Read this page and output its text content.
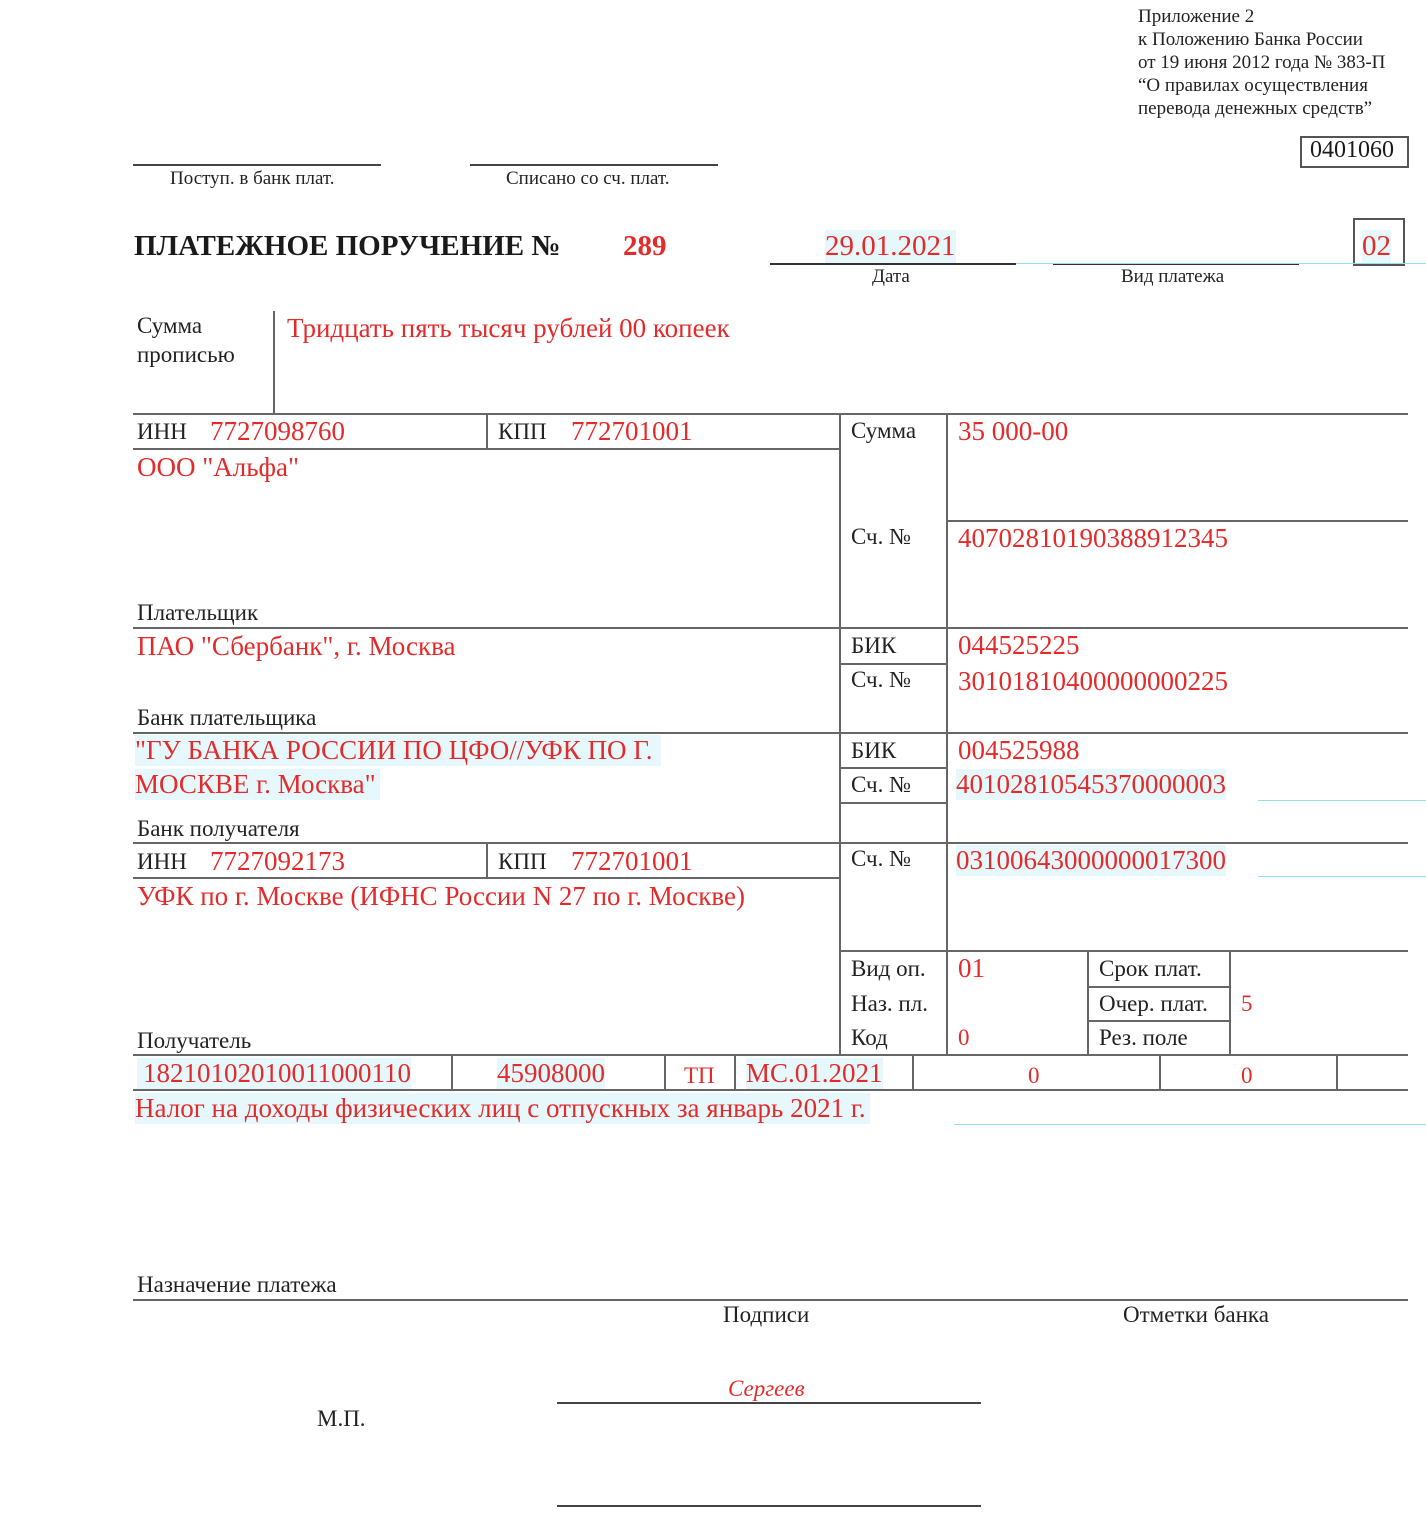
Приложение 2
к Положению Банка России
от 19 июня 2012 года № 383-П
“О правилах осуществления
перевода денежных средств”
0401060
Поступ. в банк плат.	Списано со сч. плат.
ПЛАТЕЖНОЕ ПОРУЧЕНИЕ № 289	29.01.2021
Дата	Вид платежа
02
Сумма
прописью
Тридцать пять тысяч рублей 00 копеек
ИНН 7727098760	КПП 772701001	Сумма 35 000-00
ООО "Альфа"
Сч. № 40702810190388912345
Плательщик
ПАО "Сбербанк", г. Москва	БИК 044525225
Сч. № 30101810400000000225
Банк плательщика
"ГУ БАНКА РОССИИ ПО ЦФО//УФК ПО Г.
МОСКВЕ г. Москва"
БИК 004525988
Сч. № 40102810545370000003
Банк получателя
ИНН 7727092173	КПП 772701001	Сч. № 03100643000000017300
УФК по г. Москве (ИФНС России N 27 по г. Москве)
Получатель
Вид оп. 01
Наз. пл.
Код	0
Срок плат.
Очер. плат. 5
Рез. поле
18210102010011000110	45908000	ТП МС.01.2021	0	0
Налог на доходы физических лиц с отпускных за январь 2021 г.
Назначение платежа
Подписи	Отметки банка
Сергеев
М.П.
